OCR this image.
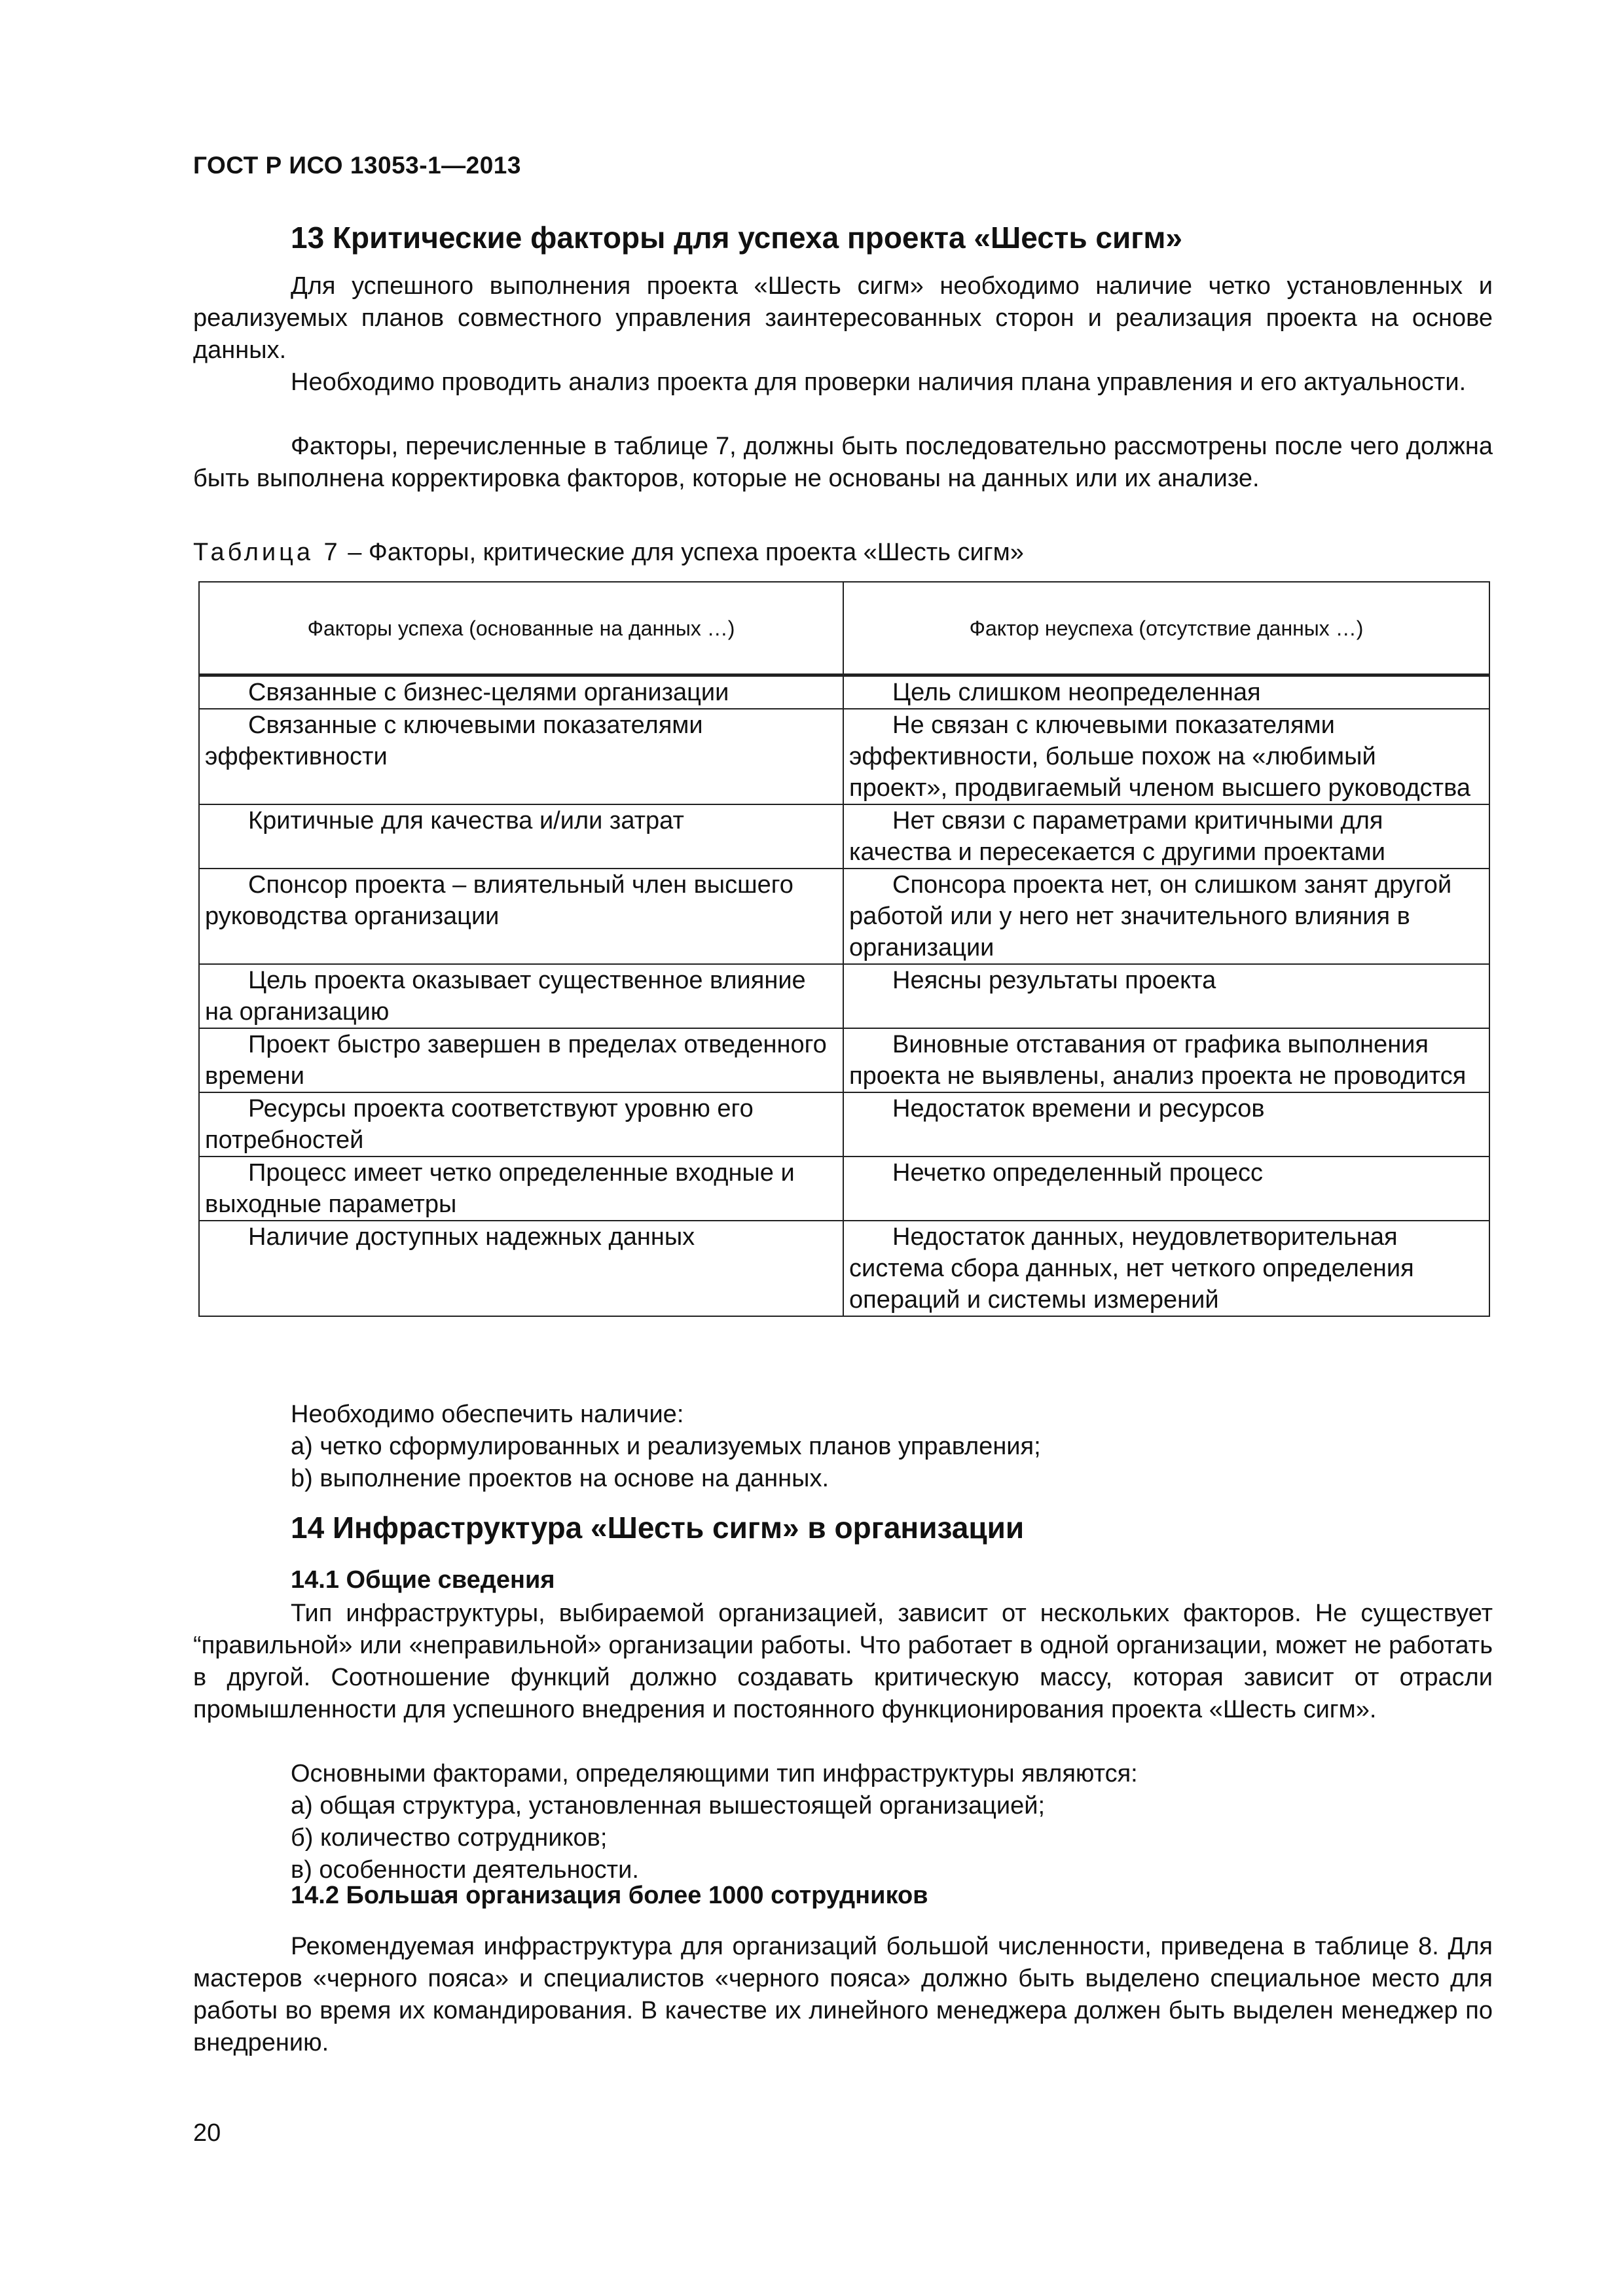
ГОСТ Р ИСО 13053-1—2013
13 Критические факторы для успеха проекта «Шесть сигм»

Для успешного выполнения проекта «Шесть сигм» необходимо наличие четко установленных и реализуемых планов совместного управления заинтересованных сторон и реализация проекта на основе данных.

Необходимо проводить анализ проекта для проверки наличия плана управления и его актуальности.

Факторы, перечисленные в таблице 7, должны быть последовательно рассмотрены после чего должна быть выполнена корректировка факторов, которые не основаны на данных или их анализе.

Таблица 7 – Факторы, критические для успеха проекта «Шесть сигм»
Факторы успеха (основанные на данных …)	Фактор неуспеха (отсутствие данных …)
Связанные с бизнес-целями организации	Цель слишком неопределенная
Связанные с ключевыми показателями эффективности	Не связан с ключевыми показателями эффективности, больше похож на «любимый проект», продвигаемый членом высшего руководства
Критичные для качества и/или затрат	Нет связи с параметрами критичными для качества и пересекается с другими проектами
Спонсор проекта – влиятельный член высшего руководства организации	Спонсора проекта нет, он слишком занят другой работой или у него нет значительного влияния в организации
Цель проекта оказывает существенное влияние на организацию	Неясны результаты проекта
Проект быстро завершен в пределах отведенного времени	Виновные отставания от графика выполнения проекта не выявлены, анализ проекта не проводится
Ресурсы проекта соответствуют уровню его потребностей	Недостаток времени и ресурсов
Процесс имеет четко определенные входные и выходные параметры	Нечетко определенный процесс
Наличие доступных надежных данных	Недостаток данных, неудовлетворительная система сбора данных, нет четкого определения операций и системы измерений
Необходимо обеспечить наличие:
a) четко сформулированных и реализуемых планов управления;
b) выполнение проектов на основе на данных.
14 Инфраструктура «Шесть сигм» в организации
14.1 Общие сведения

Тип инфраструктуры, выбираемой организацией, зависит от нескольких факторов. Не существует “правильной» или «неправильной» организации работы. Что работает в одной организации, может не работать в другой. Соотношение функций должно создавать критическую массу, которая зависит от отрасли промышленности для успешного внедрения и постоянного функционирования проекта «Шесть сигм».

Основными факторами, определяющими тип инфраструктуры являются:
а) общая структура, установленная вышестоящей организацией;
б) количество сотрудников;
в) особенности деятельности.
14.2 Большая организация более 1000 сотрудников

Рекомендуемая инфраструктура для организаций большой численности, приведена в таблице 8. Для мастеров «черного пояса» и специалистов «черного пояса» должно быть выделено специальное место для работы во время их командирования. В качестве их линейного менеджера должен быть выделен менеджер по внедрению.

20
